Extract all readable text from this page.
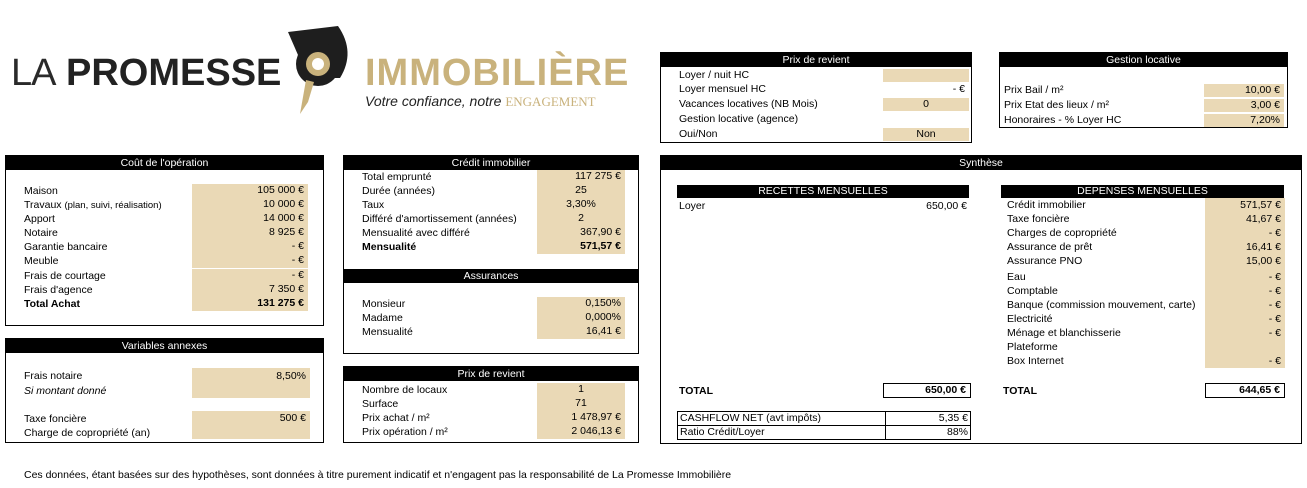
LA PROMESSE IMMOBILIÈRE
Votre confiance, notre ENGAGEMENT
Prix de revient
Loyer / nuit HC
Loyer mensuel HC	- €
Vacances locatives (NB Mois)	0
Gestion locative (agence)
Oui/Non	Non
Gestion locative
Prix Bail / m²	10,00 €
Prix Etat des lieux / m²	3,00 €
Honoraires - % Loyer HC	7,20%
Coût de l'opération
Maison	105 000 €
Travaux (plan, suivi, réalisation)	10 000 €
Apport	14 000 €
Notaire	8 925 €
Garantie bancaire	- €
Meuble	- €
Frais de courtage	- €
Frais d'agence	7 350 €
Total Achat	131 275 €
Variables annexes
Frais notaire	8,50%
Si montant donné
Taxe foncière	500 €
Charge de copropriété (an)
Crédit immobilier
Total emprunté	117 275 €
Durée (années)	25
Taux	3,30%
Différé d'amortissement (années)	2
Mensualité avec différé	367,90 €
Mensualité	571,57 €
Assurances
Monsieur	0,150%
Madame	0,000%
Mensualité	16,41 €
Prix de revient
Nombre de locaux	1
Surface	71
Prix achat / m²	1 478,97 €
Prix opération / m²	2 046,13 €
Synthèse
RECETTES MENSUELLES
Loyer	650,00 €
TOTAL	650,00 €
CASHFLOW NET (avt impôts)	5,35 €
Ratio Crédit/Loyer	88%
DEPENSES MENSUELLES
Crédit immobilier	571,57 €
Taxe foncière	41,67 €
Charges de copropriété	- €
Assurance de prêt	16,41 €
Assurance PNO	15,00 €
Eau	- €
Comptable	- €
Banque (commission mouvement, carte)	- €
Electricité	- €
Ménage et blanchisserie	- €
Plateforme
Box Internet	- €
TOTAL	644,65 €
Ces données, étant basées sur des hypothèses, sont données à titre purement indicatif et n'engagent pas la responsabilité de La Promesse Immobilière
